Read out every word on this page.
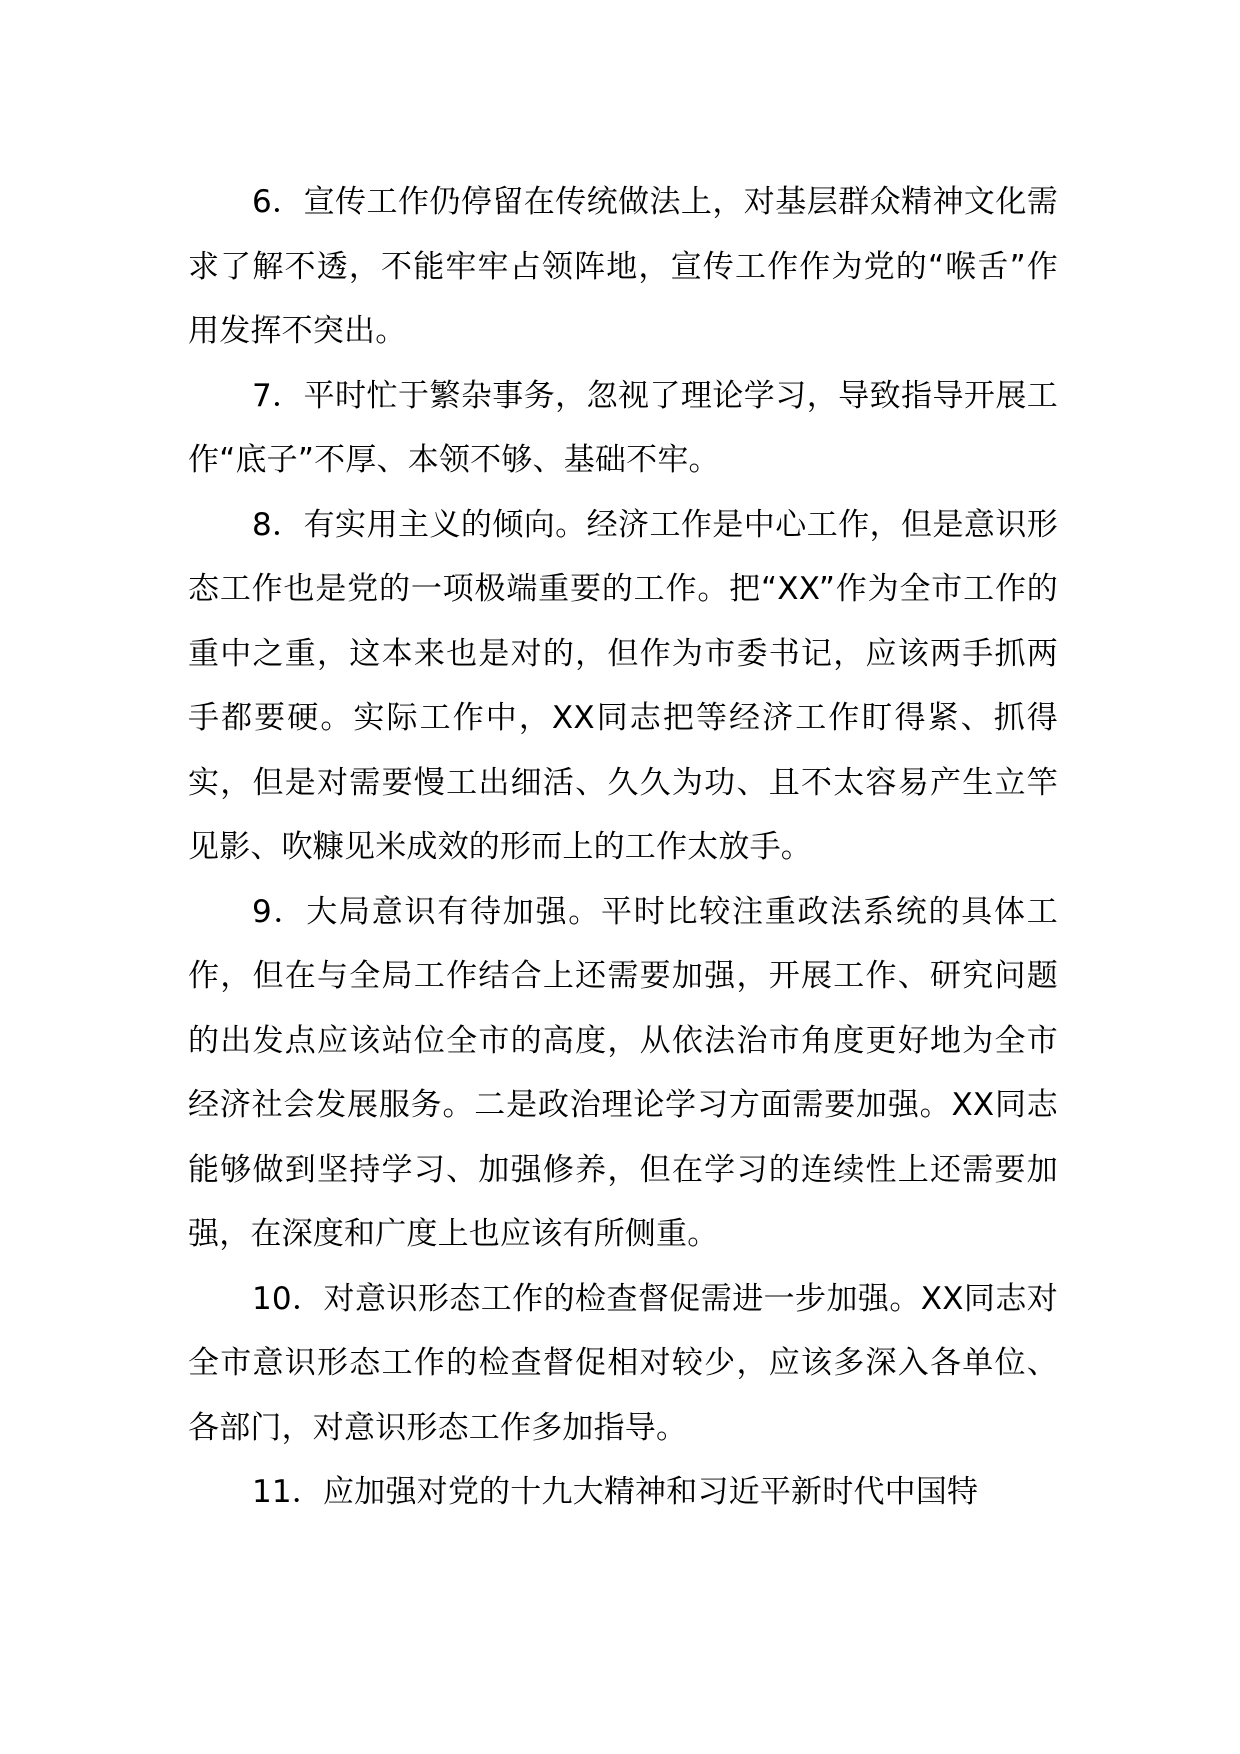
6．宣传工作仍停留在传统做法上，对基层群众精神文化需求了解不透，不能牢牢占领阵地，宣传工作作为党的“喉舌”作用发挥不突出。

7．平时忙于繁杂事务，忽视了理论学习，导致指导开展工作“底子”不厚、本领不够、基础不牢。

8．有实用主义的倾向。经济工作是中心工作，但是意识形态工作也是党的一项极端重要的工作。把“XX”作为全市工作的重中之重，这本来也是对的，但作为市委书记，应该两手抓两手都要硬。实际工作中，XX同志把等经济工作盯得紧、抓得实，但是对需要慢工出细活、久久为功、且不太容易产生立竿见影、吹糠见米成效的形而上的工作太放手。

9．大局意识有待加强。平时比较注重政法系统的具体工作，但在与全局工作结合上还需要加强，开展工作、研究问题的出发点应该站位全市的高度，从依法治市角度更好地为全市经济社会发展服务。二是政治理论学习方面需要加强。XX同志能够做到坚持学习、加强修养，但在学习的连续性上还需要加强，在深度和广度上也应该有所侧重。

10．对意识形态工作的检查督促需进一步加强。XX同志对全市意识形态工作的检查督促相对较少，应该多深入各单位、各部门，对意识形态工作多加指导。

11．应加强对党的十九大精神和习近平新时代中国特
